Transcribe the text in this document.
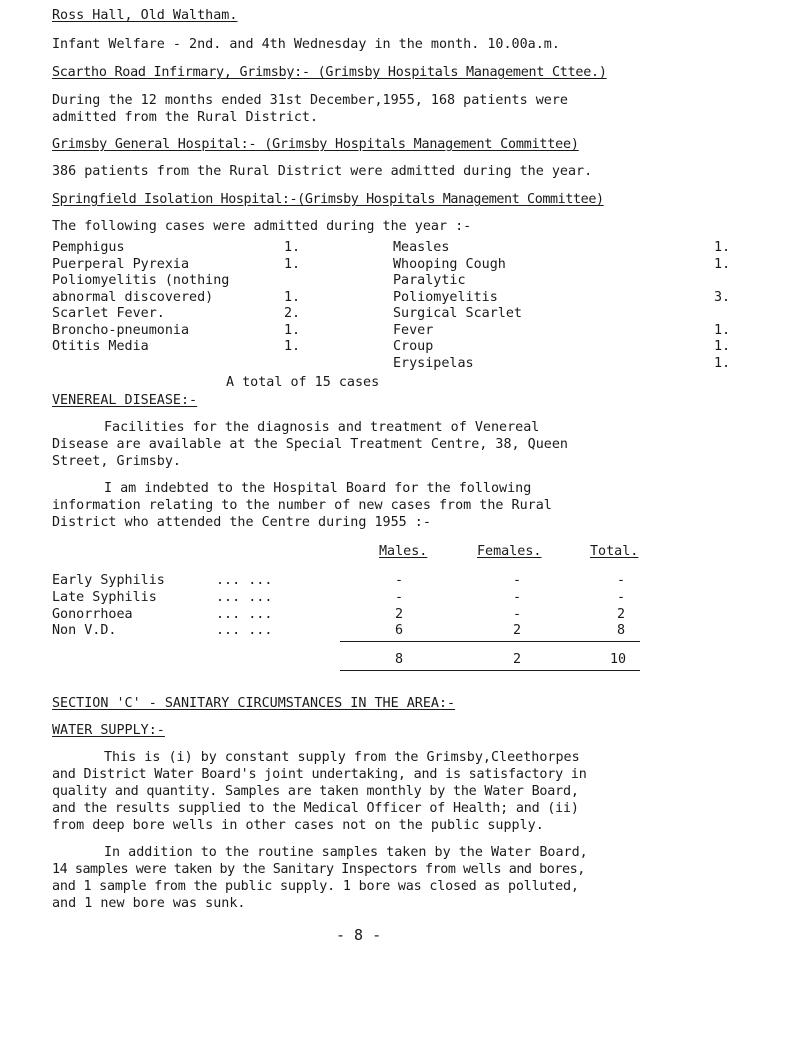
Ross Hall, Old Waltham.
Infant Welfare - 2nd. and 4th Wednesday in the month. 10.00a.m.
Scartho Road Infirmary, Grimsby:- (Grimsby Hospitals Management Cttee.)
During the 12 months ended 31st December,1955, 168 patients were
admitted from the Rural District.
Grimsby General Hospital:- (Grimsby Hospitals Management Committee)
386 patients from the Rural District were admitted during the year.
Springfield Isolation Hospital:-(Grimsby Hospitals Management Committee)
The following cases were admitted during the year :-
Pemphigus	1.
Puerperal Pyrexia	1.
Poliomyelitis (nothing
abnormal discovered)	1.
Scarlet Fever.	2.
Broncho-pneumonia	1.
Otitis Media	1.
Measles	1.
Whooping Cough	1.
Paralytic
Poliomyelitis	3.
Surgical Scarlet
Fever	1.
Croup	1.
Erysipelas	1.
A total of 15 cases
VENEREAL DISEASE:-
Facilities for the diagnosis and treatment of Venereal
Disease are available at the Special Treatment Centre, 38, Queen
Street, Grimsby.
I am indebted to the Hospital Board for the following
information relating to the number of new cases from the Rural
District who attended the Centre during 1955 :-
Males.	Females.	Total.
Early Syphilis	... ...	-	-	-
Late Syphilis	... ...	-	-	-
Gonorrhoea	... ...	2	-	2
Non V.D.	... ...	6	2	8
8	2	10
SECTION 'C' - SANITARY CIRCUMSTANCES IN THE AREA:-
WATER SUPPLY:-
This is (i) by constant supply from the Grimsby,Cleethorpes
and District Water Board's joint undertaking, and is satisfactory in
quality and quantity. Samples are taken monthly by the Water Board,
and the results supplied to the Medical Officer of Health; and (ii)
from deep bore wells in other cases not on the public supply.
In addition to the routine samples taken by the Water Board,
14 samples were taken by the Sanitary Inspectors from wells and bores,
and 1 sample from the public supply. 1 bore was closed as polluted,
and 1 new bore was sunk.
- 8 -
